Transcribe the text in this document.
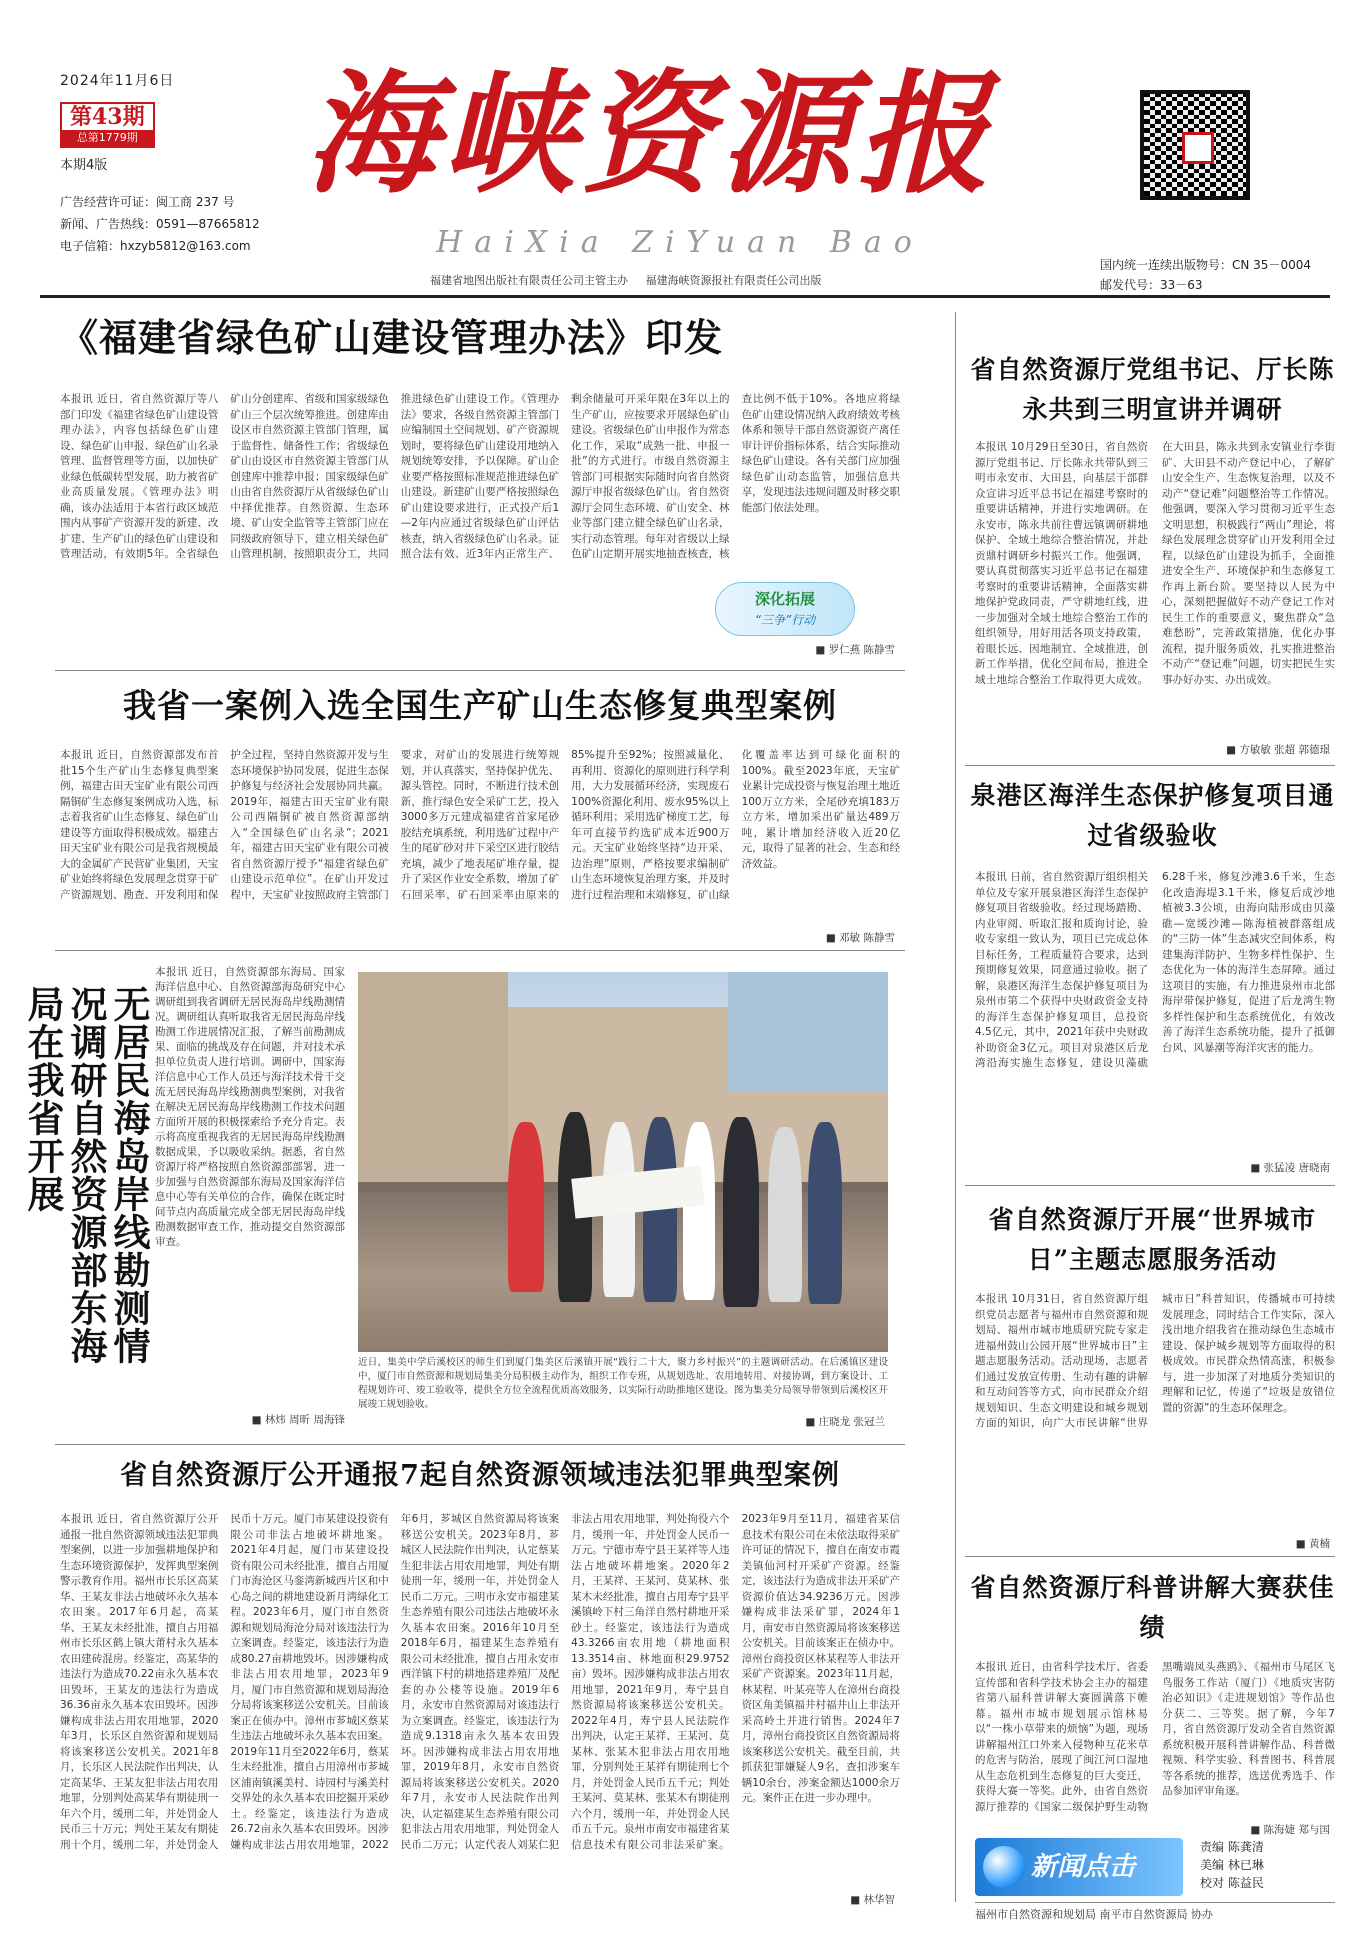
2024年11月6日
第43期
总第1779期
本期4版
广告经营许可证：闽工商 237 号
新闻、广告热线：0591—87665812
电子信箱：hxzyb5812@163.com
海峡资源报
HaiXia ZiYuan Bao
福建省地图出版社有限责任公司主管主办 福建海峡资源报社有限责任公司出版
国内统一连续出版物号：CN 35－0004
邮发代号：33－63
《福建省绿色矿山建设管理办法》印发
本报讯 近日，省自然资源厅等八部门印发《福建省绿色矿山建设管理办法》，内容包括绿色矿山建设、绿色矿山申报、绿色矿山名录管理、监督管理等方面，以加快矿业绿色低碳转型发展，助力被省矿业高质量发展。《管理办法》明确，该办法适用于本省行政区域范围内从事矿产资源开发的新建、改扩建、生产矿山的绿色矿山建设和管理活动，有效期5年。全省绿色矿山分创建库、省级和国家级绿色矿山三个层次统筹推进。创建库由设区市自然资源主管部门管理，属于监督性、储备性工作；省级绿色矿山由设区市自然资源主管部门从创建库中推荐申报；国家级绿色矿山由省自然资源厅从省级绿色矿山中择优推荐。自然资源、生态环境、矿山安全监管等主管部门应在同级政府领导下，建立相关绿色矿山管理机制，按照职责分工，共同推进绿色矿山建设工作。《管理办法》要求，各级自然资源主管部门应编制国土空间规划、矿产资源规划时，要将绿色矿山建设用地纳入规划统筹安排，予以保障。矿山企业要严格按照标准规范推进绿色矿山建设。新建矿山要严格按照绿色矿山建设要求进行，正式投产后1—2年内应通过省级绿色矿山评估核查，纳入省级绿色矿山名录。证照合法有效、近3年内正常生产、剩余储量可开采年限在3年以上的生产矿山，应按要求开展绿色矿山建设。省级绿色矿山申报作为常态化工作，采取“成熟一批、申报一批”的方式进行。市级自然资源主管部门可根据实际随时向省自然资源厅申报省级绿色矿山。省自然资源厅会同生态环境、矿山安全、林业等部门建立健全绿色矿山名录，实行动态管理。每年对省级以上绿色矿山定期开展实地抽查核查，核查比例不低于10%。各地应将绿色矿山建设情况纳入政府绩效考核体系和领导干部自然资源资产离任审计评价指标体系，结合实际推动绿色矿山建设。各有关部门应加强绿色矿山动态监管，加强信息共享，发现违法违规问题及时移交职能部门依法处理。
■ 罗仁燕 陈静雪
深化拓展
“三争”行动
我省一案例入选全国生产矿山生态修复典型案例
本报讯 近日，自然资源部发布首批15个生产矿山生态修复典型案例，福建古田天宝矿业有限公司西隔铜矿生态修复案例成功入选，标志着我省矿山生态修复、绿色矿山建设等方面取得积极成效。福建古田天宝矿业有限公司是我省规模最大的金属矿产民营矿业集团，天宝矿业始终将绿色发展理念贯穿于矿产资源规划、勘查、开发利用和保护全过程，坚持自然资源开发与生态环境保护协同发展，促进生态保护修复与经济社会发展协同共赢。2019年，福建古田天宝矿业有限公司西隔铜矿被自然资源部纳入“全国绿色矿山名录”；2021年，福建古田天宝矿业有限公司被省自然资源厅授予“福建省绿色矿山建设示范单位”。在矿山开发过程中，天宝矿业按照政府主管部门要求，对矿山的发展进行统筹规划，并认真落实，坚持保护优先、源头管控。同时，不断进行技术创新，推行绿色安全采矿工艺，投入3000多万元建成福建省首家尾砂胶结充填系统，利用选矿过程中产生的尾矿砂对井下采空区进行胶结充填，减少了地表尾矿堆存量，提升了采区作业安全系数，增加了矿石回采率，矿石回采率由原来的85%提升至92%；按照减量化、再利用、资源化的原则进行科学利用，大力发展循环经济，实现废石100%资源化利用、废水95%以上循环利用；采用选矿梯度工艺，每年可直接节约选矿成本近900万元。天宝矿业始终坚持“边开采、边治理”原则，严格按要求编制矿山生态环境恢复治理方案，并及时进行过程治理和末端修复，矿山绿化覆盖率达到可绿化面积的100%。截至2023年底，天宝矿业累计完成投资与恢复治理土地近100万立方米，全尾砂充填183万立方米，增加采出矿量达489万吨，累计增加经济收入近20亿元，取得了显著的社会、生态和经济效益。
■ 邓敏 陈静雪
无居民海岛岸线勘测情况调研自然资源部东海局在我省开展
本报讯 近日，自然资源部东海局、国家海洋信息中心、自然资源部海岛研究中心调研组到我省调研无居民海岛岸线勘测情况。调研组认真听取我省无居民海岛岸线勘测工作进展情况汇报，了解当前勘测成果、面临的挑战及存在问题，并对技术承担单位负责人进行培训。调研中，国家海洋信息中心工作人员还与海洋技术骨干交流无居民海岛岸线勘测典型案例，对我省在解决无居民海岛岸线勘测工作技术问题方面所开展的积极探索给予充分肯定。表示将高度重视我省的无居民海岛岸线勘测数据成果，予以吸收采纳。据悉，省自然资源厅将严格按照自然资源部部署，进一步加强与自然资源部东海局及国家海洋信息中心等有关单位的合作，确保在既定时间节点内高质量完成全部无居民海岛岸线勘测数据审查工作，推动提交自然资源部审查。
■ 林炜 周昕 周海锋
近日，集美中学后溪校区的师生们到厦门集美区后溪镇开展“践行二十大，聚力乡村振兴”的主题调研活动。在后溪镇区建设中，厦门市自然资源和规划局集美分局积极主动作为，组织工作专班，从规划选址、农用地转用、对接协调，到方案设计、工程规划许可、竣工验收等，提供全方位全流程优质高效服务，以实际行动助推地区建设。图为集美分局领导带领到后溪校区开展竣工规划验收。
■ 庄晓龙 张冠兰
省自然资源厅公开通报7起自然资源领域违法犯罪典型案例
本报讯 近日，省自然资源厅公开通报一批自然资源领域违法犯罪典型案例，以进一步加强耕地保护和生态环境资源保护，发挥典型案例警示教育作用。福州市长乐区高某华、王某友非法占地破坏永久基本农田案。2017年6月起，高某华、王某友未经批准，擅自占用福州市长乐区鹤上镇大莆村永久基本农田建砖混房。经鉴定，高某华的违法行为造成70.22亩永久基本农田毁坏，王某友的违法行为造成36.36亩永久基本农田毁坏。因涉嫌构成非法占用农用地罪，2020年3月，长乐区自然资源和规划局将该案移送公安机关。2021年8月，长乐区人民法院作出判决，认定高某华、王某友犯非法占用农用地罪，分别判处高某华有期徒刑一年六个月，缓刑二年，并处罚金人民币三十万元；判处王某友有期徒刑十个月，缓刑二年，并处罚金人民币十万元。厦门市某建设投资有限公司非法占地破坏耕地案。2021年4月起，厦门市某建设投资有限公司未经批准，擅自占用厦门市海沧区马銮湾新城西片区和中心岛之间的耕地建设新月湾绿化工程。2023年6月，厦门市自然资源和规划局海沧分局对该违法行为立案调查。经鉴定，该违法行为造成80.27亩耕地毁坏。因涉嫌构成非法占用农用地罪，2023年9月，厦门市自然资源和规划局海沧分局将该案移送公安机关。目前该案正在侦办中。漳州市芗城区蔡某生违法占地破坏永久基本农田案。2019年11月至2022年6月，蔡某生未经批准，擅自占用漳州市芗城区浦南镇溪美村、诗园村与溪美村交界处的永久基本农田挖掘开采砂土。经鉴定，该违法行为造成26.72亩永久基本农田毁坏。因涉嫌构成非法占用农用地罪，2022年6月，芗城区自然资源局将该案移送公安机关。2023年8月，芗城区人民法院作出判决，认定蔡某生犯非法占用农用地罪，判处有期徒刑一年，缓刑一年，并处罚金人民币二万元。三明市永安市福建某生态养殖有限公司违法占地破坏永久基本农田案。2016年10月至2018年6月，福建某生态养殖有限公司未经批准，擅自占用永安市西洋镇下村的耕地搭建养殖厂及配套的办公楼等设施。2019年6月，永安市自然资源局对该违法行为立案调查。经鉴定，该违法行为造成9.1318亩永久基本农田毁坏。因涉嫌构成非法占用农用地罪，2019年8月，永安市自然资源局将该案移送公安机关。2020年7月，永安市人民法院作出判决，认定福建某生态养殖有限公司犯非法占用农用地罪，判处罚金人民币二万元；认定代表人刘某仁犯非法占用农用地罪，判处拘役六个月，缓刑一年，并处罚金人民币一万元。宁德市寿宁县王某祥等人违法占地破坏耕地案。2020年2月，王某祥、王某河、莫某林、张某木未经批准，擅自占用寿宁县平溪镇岭下村三角洋自然村耕地开采砂土。经鉴定，该违法行为造成43.3266亩农用地（耕地面积13.3514亩、林地面积29.9752亩）毁坏。因涉嫌构成非法占用农用地罪，2021年9月，寿宁县自然资源局将该案移送公安机关。2022年4月，寿宁县人民法院作出判决，认定王某祥、王某河、莫某林、张某木犯非法占用农用地罪，分别判处王某祥有期徒刑七个月，并处罚金人民币五千元；判处王某河、莫某林、张某木有期徒刑六个月，缓刑一年，并处罚金人民币五千元。泉州市南安市福建省某信息技术有限公司非法采矿案。2023年9月至11月，福建省某信息技术有限公司在未依法取得采矿许可证的情况下，擅自在南安市霞美镇仙河村开采矿产资源。经鉴定，该违法行为造成非法开采矿产资源价值达34.9236万元。因涉嫌构成非法采矿罪，2024年1月，南安市自然资源局将该案移送公安机关。目前该案正在侦办中。漳州台商投资区林某程等人非法开采矿产资源案。2023年11月起，林某程、叶某亮等人在漳州台商投资区角美镇福井村福井山上非法开采高岭土并进行销售。2024年7月，漳州台商投资区自然资源局将该案移送公安机关。截至目前，共抓获犯罪嫌疑人9名，查扣涉案车辆10余台，涉案金额达1000余万元。案件正在进一步办理中。
■ 林华智
省自然资源厅党组书记、厅长陈永共到三明宣讲并调研
本报讯 10月29日至30日，省自然资源厅党组书记、厅长陈永共带队到三明市永安市、大田县，向基层干部群众宣讲习近平总书记在福建考察时的重要讲话精神，并进行实地调研。在永安市，陈永共前往曹远镇调研耕地保护、全域土地综合整治情况，并赴贡鼎村调研乡村振兴工作。他强调，要认真贯彻落实习近平总书记在福建考察时的重要讲话精神，全面落实耕地保护党政同责，严守耕地红线，进一步加强对全域土地综合整治工作的组织领导，用好用活各项支持政策，着眼长远、因地制宜、全域推进，创新工作举措，优化空间布局，推进全域土地综合整治工作取得更大成效。在大田县，陈永共到永安镇业行李街矿、大田县不动产登记中心，了解矿山安全生产、生态恢复治理，以及不动产“登记难”问题整治等工作情况。他强调，要深入学习贯彻习近平生态文明思想，积极践行“两山”理论，将绿色发展理念贯穿矿山开发利用全过程，以绿色矿山建设为抓手，全面推进安全生产、环境保护和生态修复工作再上新台阶。要坚持以人民为中心，深刻把握做好不动产登记工作对民生工作的重要意义，聚焦群众“急难愁盼”，完善政策措施，优化办事流程，提升服务质效，扎实推进整治不动产“登记难”问题，切实把民生实事办好办实、办出成效。
■ 方敏敏 张超 郭德璟
泉港区海洋生态保护修复项目通过省级验收
本报讯 日前，省自然资源厅组织相关单位及专家开展泉港区海洋生态保护修复项目省级验收。经过现场踏勘、内业审阅、听取汇报和质询讨论，验收专家组一致认为，项目已完成总体目标任务，工程质量符合要求，达到预期修复效果，同意通过验收。据了解，泉港区海洋生态保护修复项目为泉州市第二个获得中央财政资金支持的海洋生态保护修复项目，总投资4.5亿元，其中，2021年获中央财政补助资金3亿元。项目对泉港区后龙湾沿海实施生态修复，建设贝藻礁6.28千米，修复沙滩3.6千米，生态化改造海堤3.1千米，修复后成沙地植被3.3公顷，由海向陆形成由贝藻礁—宽缓沙滩—陈海植被群落组成的“三防一体”生态减灾空间体系，构建集海洋防护、生物多样性保护、生态优化为一体的海洋生态屏障。通过这项目的实施，有力推进泉州市北部海岸带保护修复，促进了后龙湾生物多样性保护和生态系统优化，有效改善了海洋生态系统功能，提升了抵御台风、风暴潮等海洋灾害的能力。
■ 张猛凌 唐晓南
省自然资源厅开展“世界城市日”主题志愿服务活动
本报讯 10月31日，省自然资源厅组织党员志愿者与福州市自然资源和规划局、福州市城市地质研究院专家走进福州鼓山公园开展“世界城市日”主题志愿服务活动。活动现场，志愿者们通过发放宣传册、生动有趣的讲解和互动问答等方式，向市民群众介绍规划知识、生态文明建设和城乡规划方面的知识，向广大市民讲解“世界城市日”科普知识，传播城市可持续发展理念，同时结合工作实际，深入浅出地介绍我省在推动绿色生态城市建设、保护城乡规划等方面取得的积极成效。市民群众热情高涨，积极参与，进一步加深了对地质分类知识的理解和记忆，传递了“垃圾是放错位置的资源”的生态环保理念。
■ 黄楠
省自然资源厅科普讲解大赛获佳绩
本报讯 近日，由省科学技术厅、省委宣传部和省科学技术协会主办的福建省第八届科普讲解大赛圆满落下帷幕。福州市城市规划展示馆林易以“一株小草带来的烦恼”为题，现场讲解福州江口外来入侵物种互花米草的危害与防治，展现了闽江河口湿地从生态危机到生态修复的巨大变迁，获得大赛一等奖。此外，由省自然资源厅推荐的《国家二级保护野生动物黑嘴端凤头燕鸥》、《福州市马尾区飞鸟服务工作站（厦门）《地质灾害防治必知识》《走进规划馆》等作品也分获二、三等奖。据了解，今年7月，省自然资源厅发动全省自然资源系统积极开展科普讲解作品、科普微视频、科学实验、科普图书、科普展等各系统的推荐，选送优秀选手、作品参加评审角逐。
■ 陈海婕 郑与国
新闻点击
责编 陈龚清
美编 林已琳
校对 陈益民
福州市自然资源和规划局 南平市自然资源局 协办
